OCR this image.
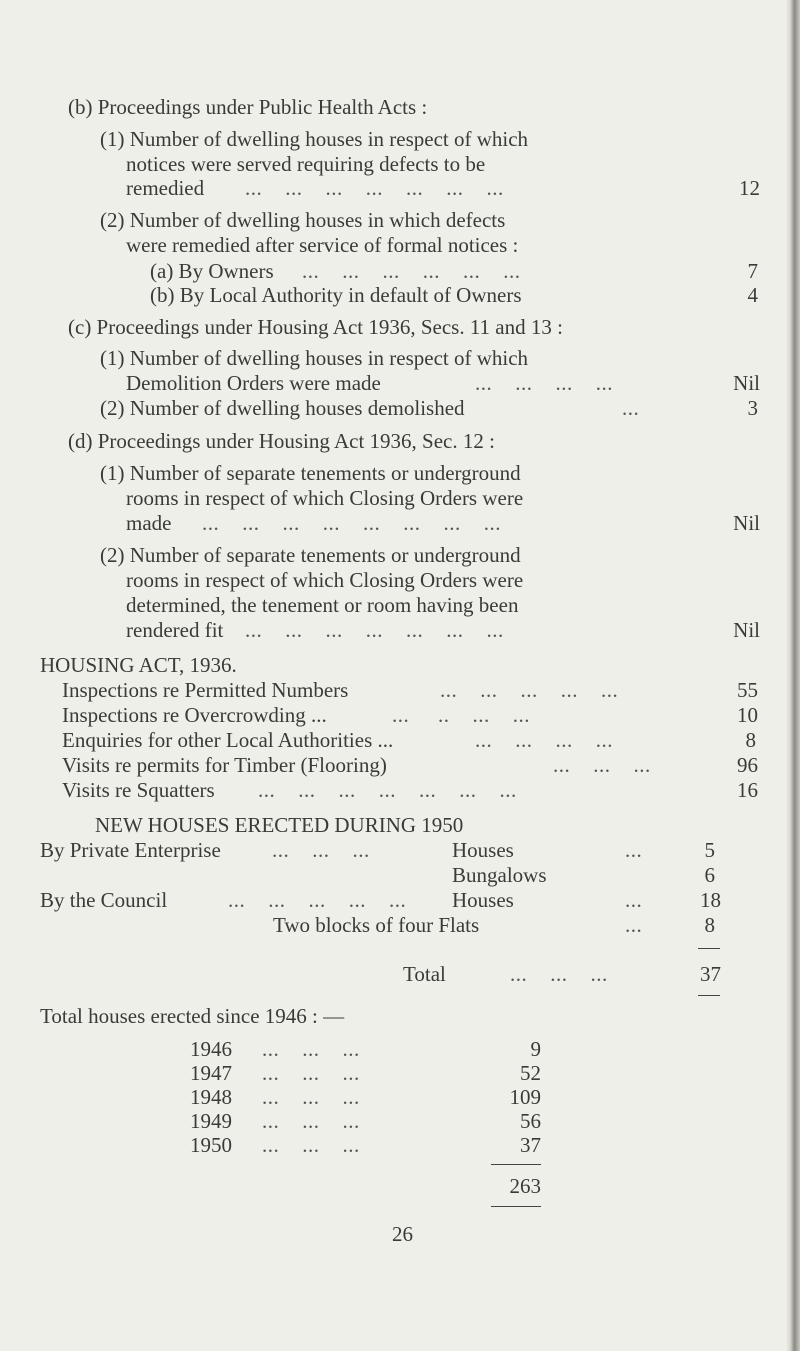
(b) Proceedings under Public Health Acts :
(1) Number of dwelling houses in respect of which
notices were served requiring defects to be
remedied ...    ...    ...    ...    ...    ...    ...	12
(2) Number of dwelling houses in which defects
were remedied after service of formal notices :
(a) By Owners ...    ...    ...    ...    ...    ...	7
(b) By Local Authority in default of Owners	4
(c) Proceedings under Housing Act 1936, Secs. 11 and 13 :
(1) Number of dwelling houses in respect of which
Demolition Orders were made	...    ...    ...    ...	Nil
(2) Number of dwelling houses demolished	...	3
(d) Proceedings under Housing Act 1936, Sec. 12 :
(1) Number of separate tenements or underground
rooms in respect of which Closing Orders were
made ...    ...    ...    ...    ...    ...    ...    ...	Nil
(2) Number of separate tenements or underground
rooms in respect of which Closing Orders were
determined, the tenement or room having been
rendered fit ...    ...    ...    ...    ...    ...    ...	Nil
HOUSING ACT, 1936.
Inspections re Permitted Numbers	...    ...    ...    ...    ...	55
Inspections re Overcrowding ...	...     ..    ...    ...	10
Enquiries for other Local Authorities ...	...    ...    ...    ...	8
Visits re permits for Timber (Flooring)	...    ...    ...	96
Visits re Squatters ...    ...    ...    ...    ...    ...    ...	16
NEW HOUSES ERECTED DURING 1950
By Private Enterprise ...    ...    ...	Houses	...	5
Bungalows	6
By the Council	...    ...    ...    ...    ... Houses	...	18
Two blocks of four Flats	...	8
Total	...    ...    ...	37
Total houses erected since 1946 : —
1946 ...    ...    ...	9
1947 ...    ...    ...	52
1948 ...    ...    ...	109
1949 ...    ...    ...	56
1950 ...    ...    ...	37
263
26
